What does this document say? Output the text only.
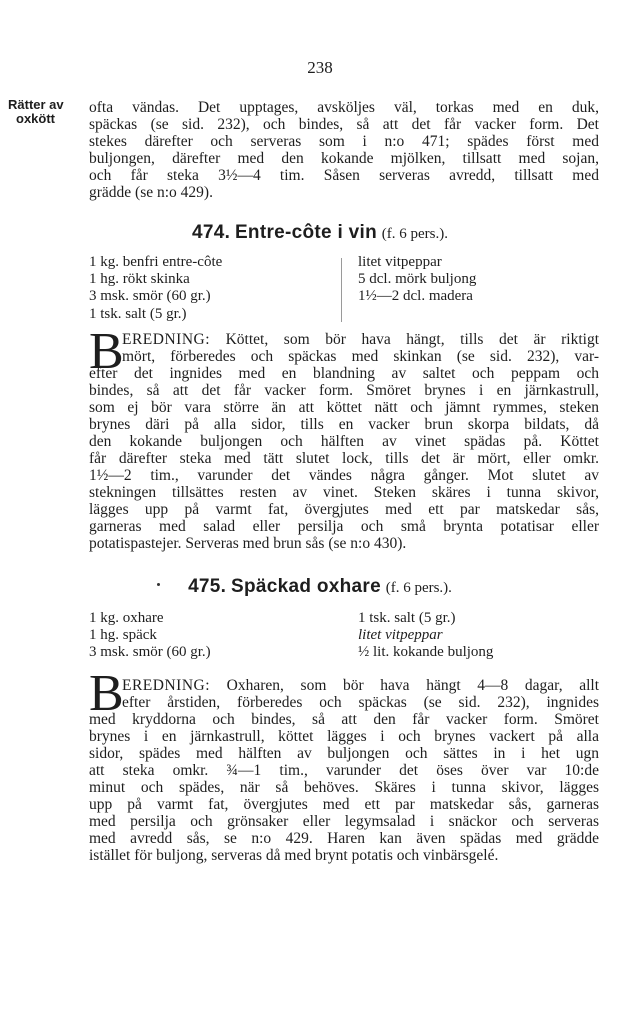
238
Rätter av
oxkött
ofta vändas. Det upptages, avsköljes väl, torkas med en duk,
späckas (se sid. 232), och bindes, så att det får vacker form. Det
stekes därefter och serveras som i n:o 471; spädes först med
buljongen, därefter med den kokande mjölken, tillsatt med sojan,
och får steka 3½—4 tim. Såsen serveras avredd, tillsatt med
grädde (se n:o 429).
474. Entre-côte i vin (f. 6 pers.).
1 kg. benfri entre-côte
1 hg. rökt skinka
3 msk. smör (60 gr.)
1 tsk. salt (5 gr.)
litet vitpeppar
5 dcl. mörk buljong
1½—2 dcl. madera
B
EREDNING: Köttet, som bör hava hängt, tills det är riktigt
mört, förberedes och späckas med skinkan (se sid. 232), var-
efter det ingnides med en blandning av saltet och peppam och
bindes, så att det får vacker form. Smöret brynes i en järnkastrull,
som ej bör vara större än att köttet nätt och jämnt rymmes, steken
brynes däri på alla sidor, tills en vacker brun skorpa bildats, då
den kokande buljongen och hälften av vinet spädas på. Köttet
får därefter steka med tätt slutet lock, tills det är mört, eller omkr.
1½—2 tim., varunder det vändes några gånger. Mot slutet av
stekningen tillsättes resten av vinet. Steken skäres i tunna skivor,
lägges upp på varmt fat, övergjutes med ett par matskedar sås,
garneras med salad eller persilja och små brynta potatisar eller
potatispastejer. Serveras med brun sås (se n:o 430).
475. Späckad oxhare (f. 6 pers.).
1 kg. oxhare
1 hg. späck
3 msk. smör (60 gr.)
1 tsk. salt (5 gr.)
litet vitpeppar
½ lit. kokande buljong
B
EREDNING: Oxharen, som bör hava hängt 4—8 dagar, allt
efter årstiden, förberedes och späckas (se sid. 232), ingnides
med kryddorna och bindes, så att den får vacker form. Smöret
brynes i en järnkastrull, köttet lägges i och brynes vackert på alla
sidor, spädes med hälften av buljongen och sättes in i het ugn
att steka omkr. ¾—1 tim., varunder det öses över var 10:de
minut och spädes, när så behöves. Skäres i tunna skivor, lägges
upp på varmt fat, övergjutes med ett par matskedar sås, garneras
med persilja och grönsaker eller legymsalad i snäckor och serveras
med avredd sås, se n:o 429. Haren kan även spädas med grädde
istället för buljong, serveras då med brynt potatis och vinbärsgelé.
